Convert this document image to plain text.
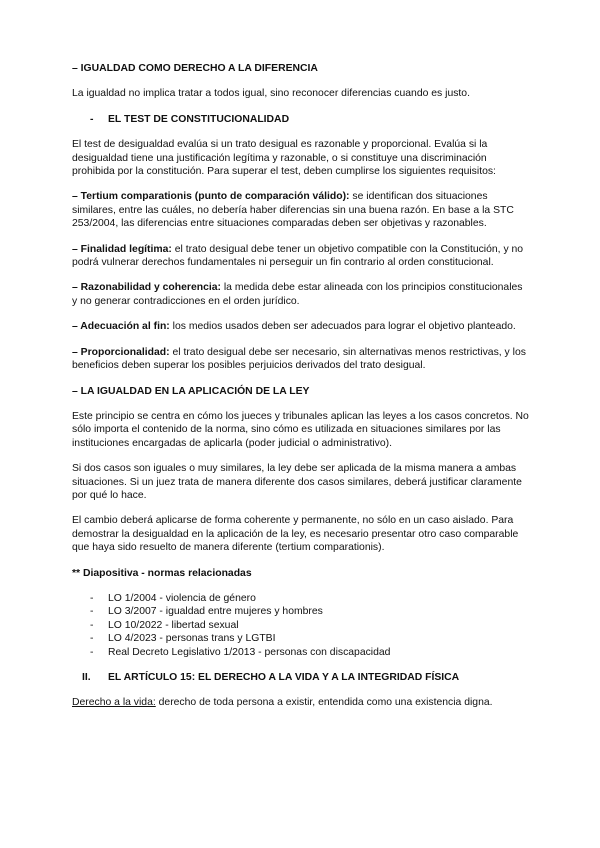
– IGUALDAD COMO DERECHO A LA DIFERENCIA

La igualdad no implica tratar a todos igual, sino reconocer diferencias cuando es justo.

- EL TEST DE CONSTITUCIONALIDAD

El test de desigualdad evalúa si un trato desigual es razonable y proporcional. Evalúa si la desigualdad tiene una justificación legítima y razonable, o si constituye una discriminación prohibida por la constitución. Para superar el test, deben cumplirse los siguientes requisitos:

– Tertium comparationis (punto de comparación válido): se identifican dos situaciones similares, entre las cuáles, no debería haber diferencias sin una buena razón. En base a la STC 253/2004, las diferencias entre situaciones comparadas deben ser objetivas y razonables.

– Finalidad legítima: el trato desigual debe tener un objetivo compatible con la Constitución, y no podrá vulnerar derechos fundamentales ni perseguir un fin contrario al orden constitucional.

– Razonabilidad y coherencia: la medida debe estar alineada con los principios constitucionales y no generar contradicciones en el orden jurídico.

– Adecuación al fin: los medios usados deben ser adecuados para lograr el objetivo planteado.

– Proporcionalidad: el trato desigual debe ser necesario, sin alternativas menos restrictivas, y los beneficios deben superar los posibles perjuicios derivados del trato desigual.

– LA IGUALDAD EN LA APLICACIÓN DE LA LEY

Este principio se centra en cómo los jueces y tribunales aplican las leyes a los casos concretos. No sólo importa el contenido de la norma, sino cómo es utilizada en situaciones similares por las instituciones encargadas de aplicarla (poder judicial o administrativo).

Si dos casos son iguales o muy similares, la ley debe ser aplicada de la misma manera a ambas situaciones. Si un juez trata de manera diferente dos casos similares, deberá justificar claramente por qué lo hace.

El cambio deberá aplicarse de forma coherente y permanente, no sólo en un caso aislado. Para demostrar la desigualdad en la aplicación de la ley, es necesario presentar otro caso comparable que haya sido resuelto de manera diferente (tertium comparationis).

** Diapositiva - normas relacionadas

- LO 1/2004 - violencia de género
- LO 3/2007 - igualdad entre mujeres y hombres
- LO 10/2022 - libertad sexual
- LO 4/2023 - personas trans y LGTBI
- Real Decreto Legislativo 1/2013 - personas con discapacidad

II. EL ARTÍCULO 15: EL DERECHO A LA VIDA Y A LA INTEGRIDAD FÍSICA

Derecho a la vida: derecho de toda persona a existir, entendida como una existencia digna.
